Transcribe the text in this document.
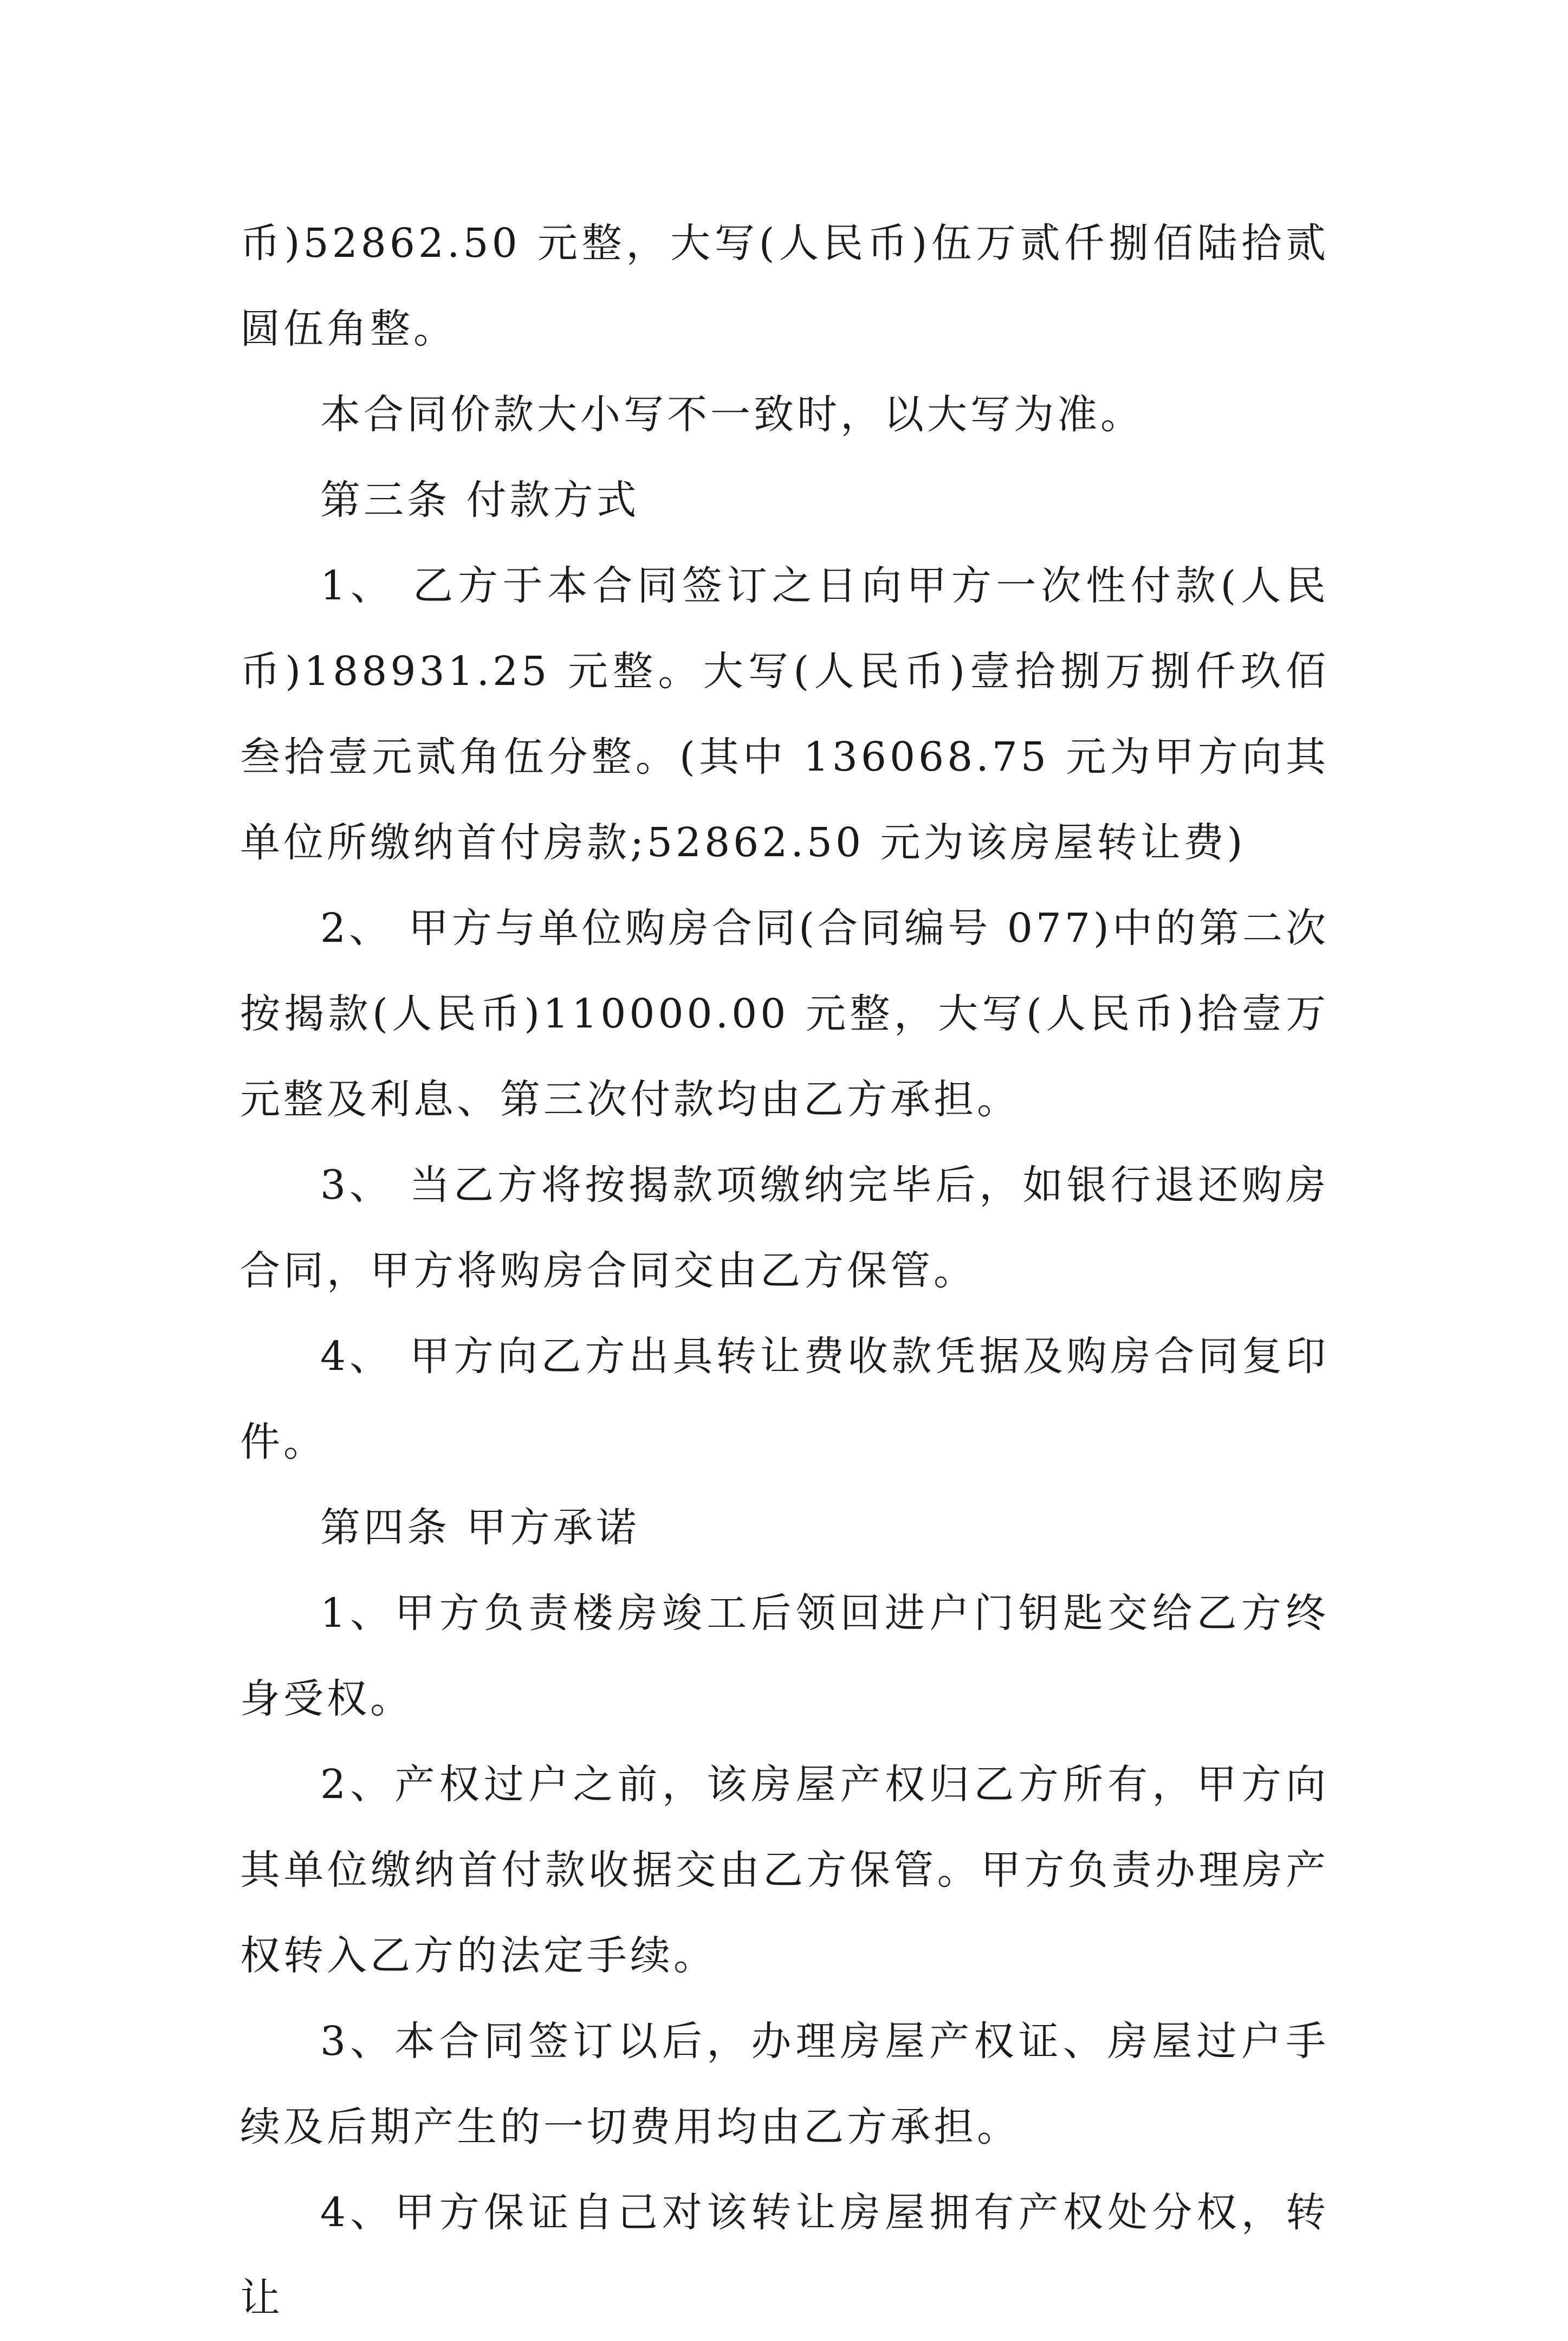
币)52862.50 元整，大写(人民币)伍万贰仟捌佰陆拾贰圆伍角整。

本合同价款大小写不一致时，以大写为准。

第三条 付款方式

1、 乙方于本合同签订之日向甲方一次性付款(人民币)188931.25 元整。大写(人民币)壹拾捌万捌仟玖佰叁拾壹元贰角伍分整。(其中 136068.75 元为甲方向其单位所缴纳首付房款;52862.50 元为该房屋转让费)

2、 甲方与单位购房合同(合同编号 077)中的第二次按揭款(人民币)110000.00 元整，大写(人民币)拾壹万元整及利息、第三次付款均由乙方承担。

3、 当乙方将按揭款项缴纳完毕后，如银行退还购房合同，甲方将购房合同交由乙方保管。

4、 甲方向乙方出具转让费收款凭据及购房合同复印件。

第四条 甲方承诺

1、甲方负责楼房竣工后领回进户门钥匙交给乙方终身受权。

2、产权过户之前，该房屋产权归乙方所有，甲方向其单位缴纳首付款收据交由乙方保管。甲方负责办理房产权转入乙方的法定手续。

3、本合同签订以后，办理房屋产权证、房屋过户手续及后期产生的一切费用均由乙方承担。

4、甲方保证自己对该转让房屋拥有产权处分权，转让
